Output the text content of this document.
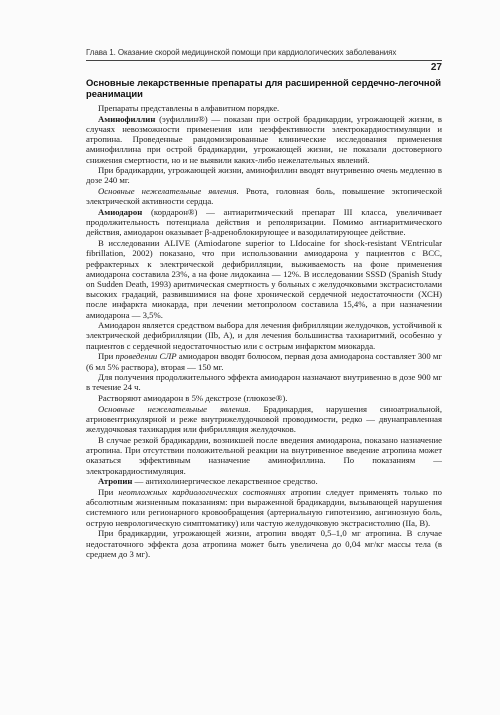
Глава 1. Оказание скорой медицинской помощи при кардиологических заболеваниях
27
Основные лекарственные препараты для расширенной сердечно-легочной реанимации

Препараты представлены в алфавитном порядке.

Аминофиллин (эуфиллин®) — показан при острой брадикардии, угрожающей жизни, в случаях невозможности применения или неэффективности электрокардиостимуляции и атропина. Проведенные рандомизированные клинические исследования применения аминофиллина при острой брадикардии, угрожающей жизни, не показали достоверного снижения смертности, но и не выявили каких-либо нежелательных явлений.

При брадикардии, угрожающей жизни, аминофиллин вводят внутривенно очень медленно в дозе 240 мг.

Основные нежелательные явления. Рвота, головная боль, повышение эктопической электрической активности сердца.

Амиодарон (кордарон®) — антиаритмический препарат III класса, увеличивает продолжительность потенциала действия и реполяризации. Помимо антиаритмического действия, амиодарон оказывает β-адреноблокирующее и вазодилатирующее действие.

В исследовании ALIVE (Amiodarone superior to LIdocaine for shock-resistant VEntricular fibrillation, 2002) показано, что при использовании амиодарона у пациентов с ВСС, рефрактерных к электрической дефибрилляции, выживаемость на фоне применения амиодарона составила 23%, а на фоне лидокаина — 12%. В исследовании SSSD (Spanish Study on Sudden Death, 1993) аритмическая смертность у больных с желудочковыми экстрасистолами высоких градаций, развившимися на фоне хронической сердечной недостаточности (ХСН) после инфаркта миокарда, при лечении метопролоом составила 15,4%, а при назначении амиодарона — 3,5%.

Амиодарон является средством выбора для лечения фибрилляции желудочков, устойчивой к электрической дефибрилляции (IIb, A), и для лечения большинства тахиаритмий, особенно у пациентов с сердечной недостаточностью или с острым инфарктом миокарда.

При проведении СЛР амиодарон вводят болюсом, первая доза амиодарона составляет 300 мг (6 мл 5% раствора), вторая — 150 мг.

Для получения продолжительного эффекта амиодарон назначают внутривенно в дозе 900 мг в течение 24 ч.

Растворяют амиодарон в 5% декстрозе (глюкозе®).

Основные нежелательные явления. Брадикардия, нарушения синоатриальной, атриовентрикулярной и реже внутрижелудочковой проводимости, редко — двунаправленная желудочковая тахикардия или фибрилляция желудочков.

В случае резкой брадикардии, возникшей после введения амиодарона, показано назначение атропина. При отсутствии положительной реакции на внутривенное введение атропина может оказаться эффективным назначение аминофиллина. По показаниям — электрокардиостимуляция.

Атропин — антихолинергическое лекарственное средство.

При неотложных кардиологических состояниях атропин следует применять только по абсолютным жизненным показаниям: при выраженной брадикардии, вызывающей нарушения системного или регионарного кровообращения (артериальную гипотензию, ангинозную боль, острую неврологическую симптоматику) или частую желудочковую экстрасистолию (IIa, B).

При брадикардии, угрожающей жизни, атропин вводят 0,5–1,0 мг атропина. В случае недостаточного эффекта доза атропина может быть увеличена до 0,04 мг/кг массы тела (в среднем до 3 мг).
